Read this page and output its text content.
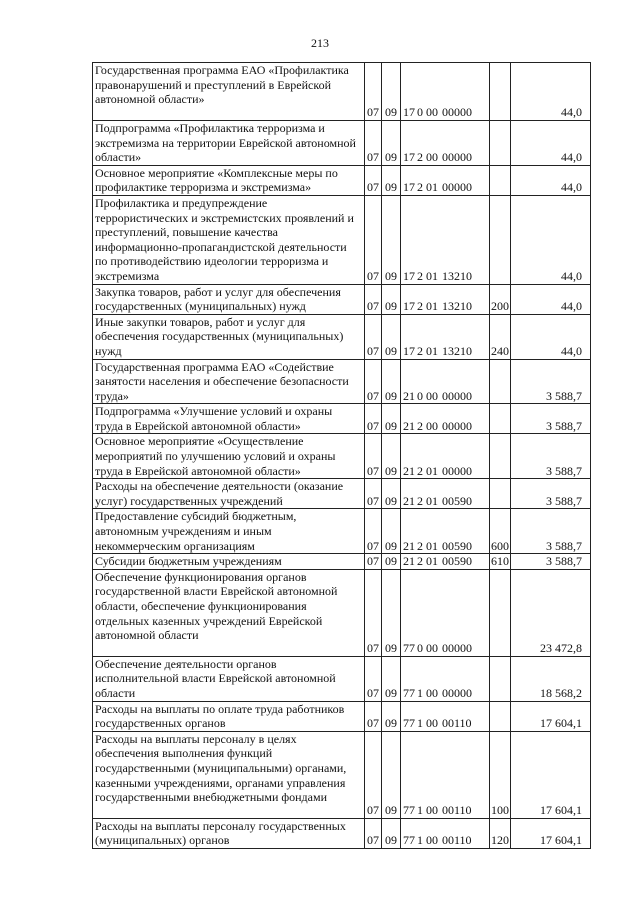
213
Государственная программа ЕАО «Профилактика правонарушений и преступлений в Еврейской автономной области»	07	09	17 0 00 00000		44,0
Подпрограмма «Профилактика терроризма и экстремизма на территории Еврейской автономной области»	07	09	17 2 00 00000		44,0
Основное мероприятие «Комплексные меры по профилактике терроризма и экстремизма»	07	09	17 2 01 00000		44,0
Профилактика и предупреждение террористических и экстремистских проявлений и преступлений, повышение качества информационно-пропагандистской деятельности по противодействию идеологии терроризма и экстремизма	07	09	17 2 01 13210		44,0
Закупка товаров, работ и услуг для обеспечения государственных (муниципальных) нужд	07	09	17 2 01 13210	200	44,0
Иные закупки товаров, работ и услуг для обеспечения государственных (муниципальных) нужд	07	09	17 2 01 13210	240	44,0
Государственная программа ЕАО «Содействие занятости населения и обеспечение безопасности труда»	07	09	21 0 00 00000		3 588,7
Подпрограмма «Улучшение условий и охраны труда в Еврейской автономной области»	07	09	21 2 00 00000		3 588,7
Основное мероприятие «Осуществление мероприятий по улучшению условий и охраны труда в Еврейской автономной области»	07	09	21 2 01 00000		3 588,7
Расходы на обеспечение деятельности (оказание услуг) государственных учреждений	07	09	21 2 01 00590		3 588,7
Предоставление субсидий бюджетным, автономным учреждениям и иным некоммерческим организациям	07	09	21 2 01 00590	600	3 588,7
Субсидии бюджетным учреждениям	07	09	21 2 01 00590	610	3 588,7
Обеспечение функционирования органов государственной власти Еврейской автономной области, обеспечение функционирования отдельных казенных учреждений Еврейской автономной области	07	09	77 0 00 00000		23 472,8
Обеспечение деятельности органов исполнительной власти Еврейской автономной области	07	09	77 1 00 00000		18 568,2
Расходы на выплаты по оплате труда работников государственных органов	07	09	77 1 00 00110		17 604,1
Расходы на выплаты персоналу в целях обеспечения выполнения функций государственными (муниципальными) органами, казенными учреждениями, органами управления государственными внебюджетными фондами	07	09	77 1 00 00110	100	17 604,1
Расходы на выплаты персоналу государственных (муниципальных) органов	07	09	77 1 00 00110	120	17 604,1
